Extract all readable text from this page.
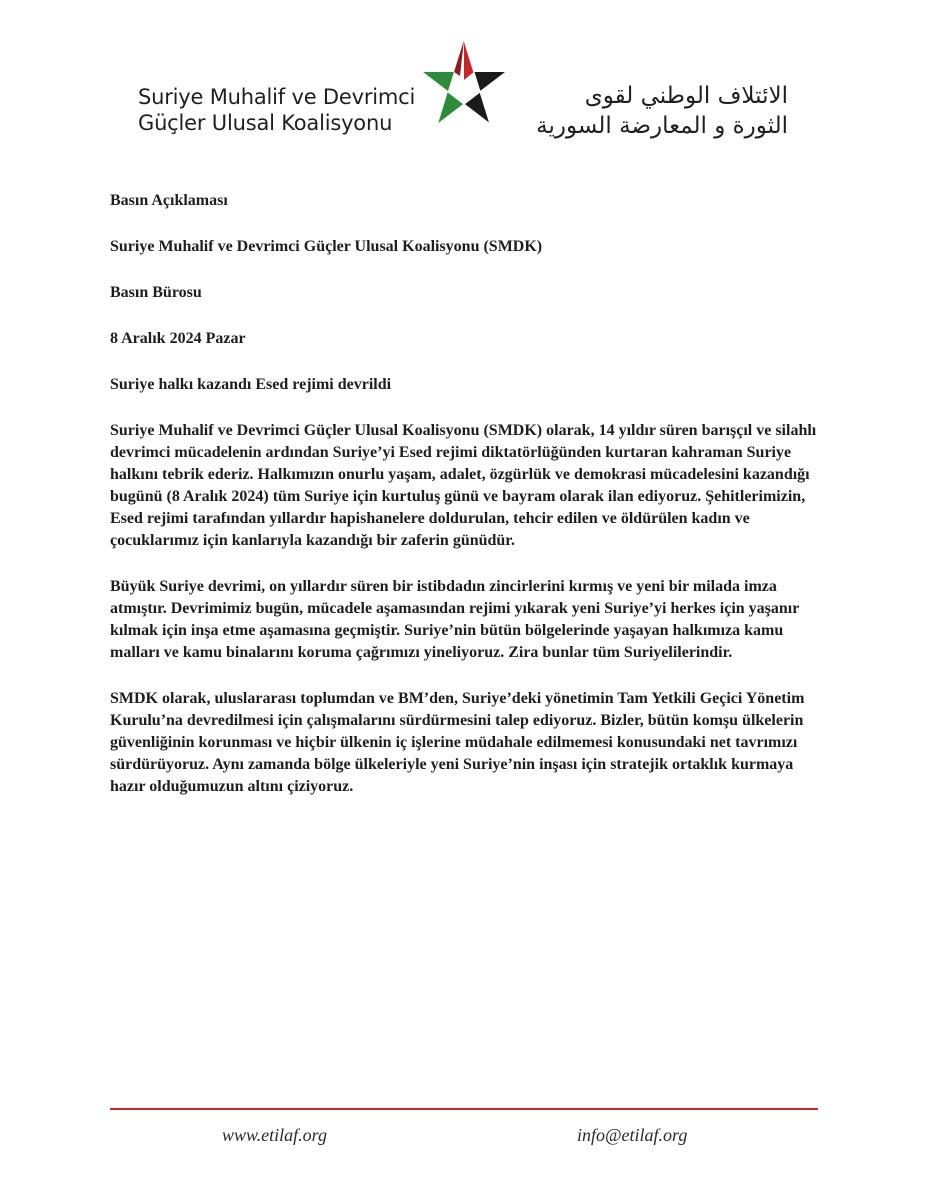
Suriye Muhalif ve Devrimci
Güçler Ulusal Koalisyonu
الائتلاف الوطني لقوى
الثورة و المعارضة السورية

Basın Açıklaması

Suriye Muhalif ve Devrimci Güçler Ulusal Koalisyonu (SMDK)

Basın Bürosu

8 Aralık 2024 Pazar

Suriye halkı kazandı Esed rejimi devrildi

Suriye Muhalif ve Devrimci Güçler Ulusal Koalisyonu (SMDK) olarak, 14 yıldır süren barışçıl ve silahlı devrimci mücadelenin ardından Suriye’yi Esed rejimi diktatörlüğünden kurtaran kahraman Suriye halkını tebrik ederiz. Halkımızın onurlu yaşam, adalet, özgürlük ve demokrasi mücadelesini kazandığı bugünü (8 Aralık 2024) tüm Suriye için kurtuluş günü ve bayram olarak ilan ediyoruz. Şehitlerimizin, Esed rejimi tarafından yıllardır hapishanelere doldurulan, tehcir edilen ve öldürülen kadın ve çocuklarımız için kanlarıyla kazandığı bir zaferin günüdür.

Büyük Suriye devrimi, on yıllardır süren bir istibdadın zincirlerini kırmış ve yeni bir milada imza atmıştır. Devrimimiz bugün, mücadele aşamasından rejimi yıkarak yeni Suriye’yi herkes için yaşanır kılmak için inşa etme aşamasına geçmiştir. Suriye’nin bütün bölgelerinde yaşayan halkımıza kamu malları ve kamu binalarını koruma çağrımızı yineliyoruz. Zira bunlar tüm Suriyelilerindir.

SMDK olarak, uluslararası toplumdan ve BM’den, Suriye’deki yönetimin Tam Yetkili Geçici Yönetim Kurulu’na devredilmesi için çalışmalarını sürdürmesini talep ediyoruz. Bizler, bütün komşu ülkelerin güvenliğinin korunması ve hiçbir ülkenin iç işlerine müdahale edilmemesi konusundaki net tavrımızı sürdürüyoruz. Aynı zamanda bölge ülkeleriyle yeni Suriye’nin inşası için stratejik ortaklık kurmaya hazır olduğumuzun altını çiziyoruz.

www.etilaf.org	info@etilaf.org
